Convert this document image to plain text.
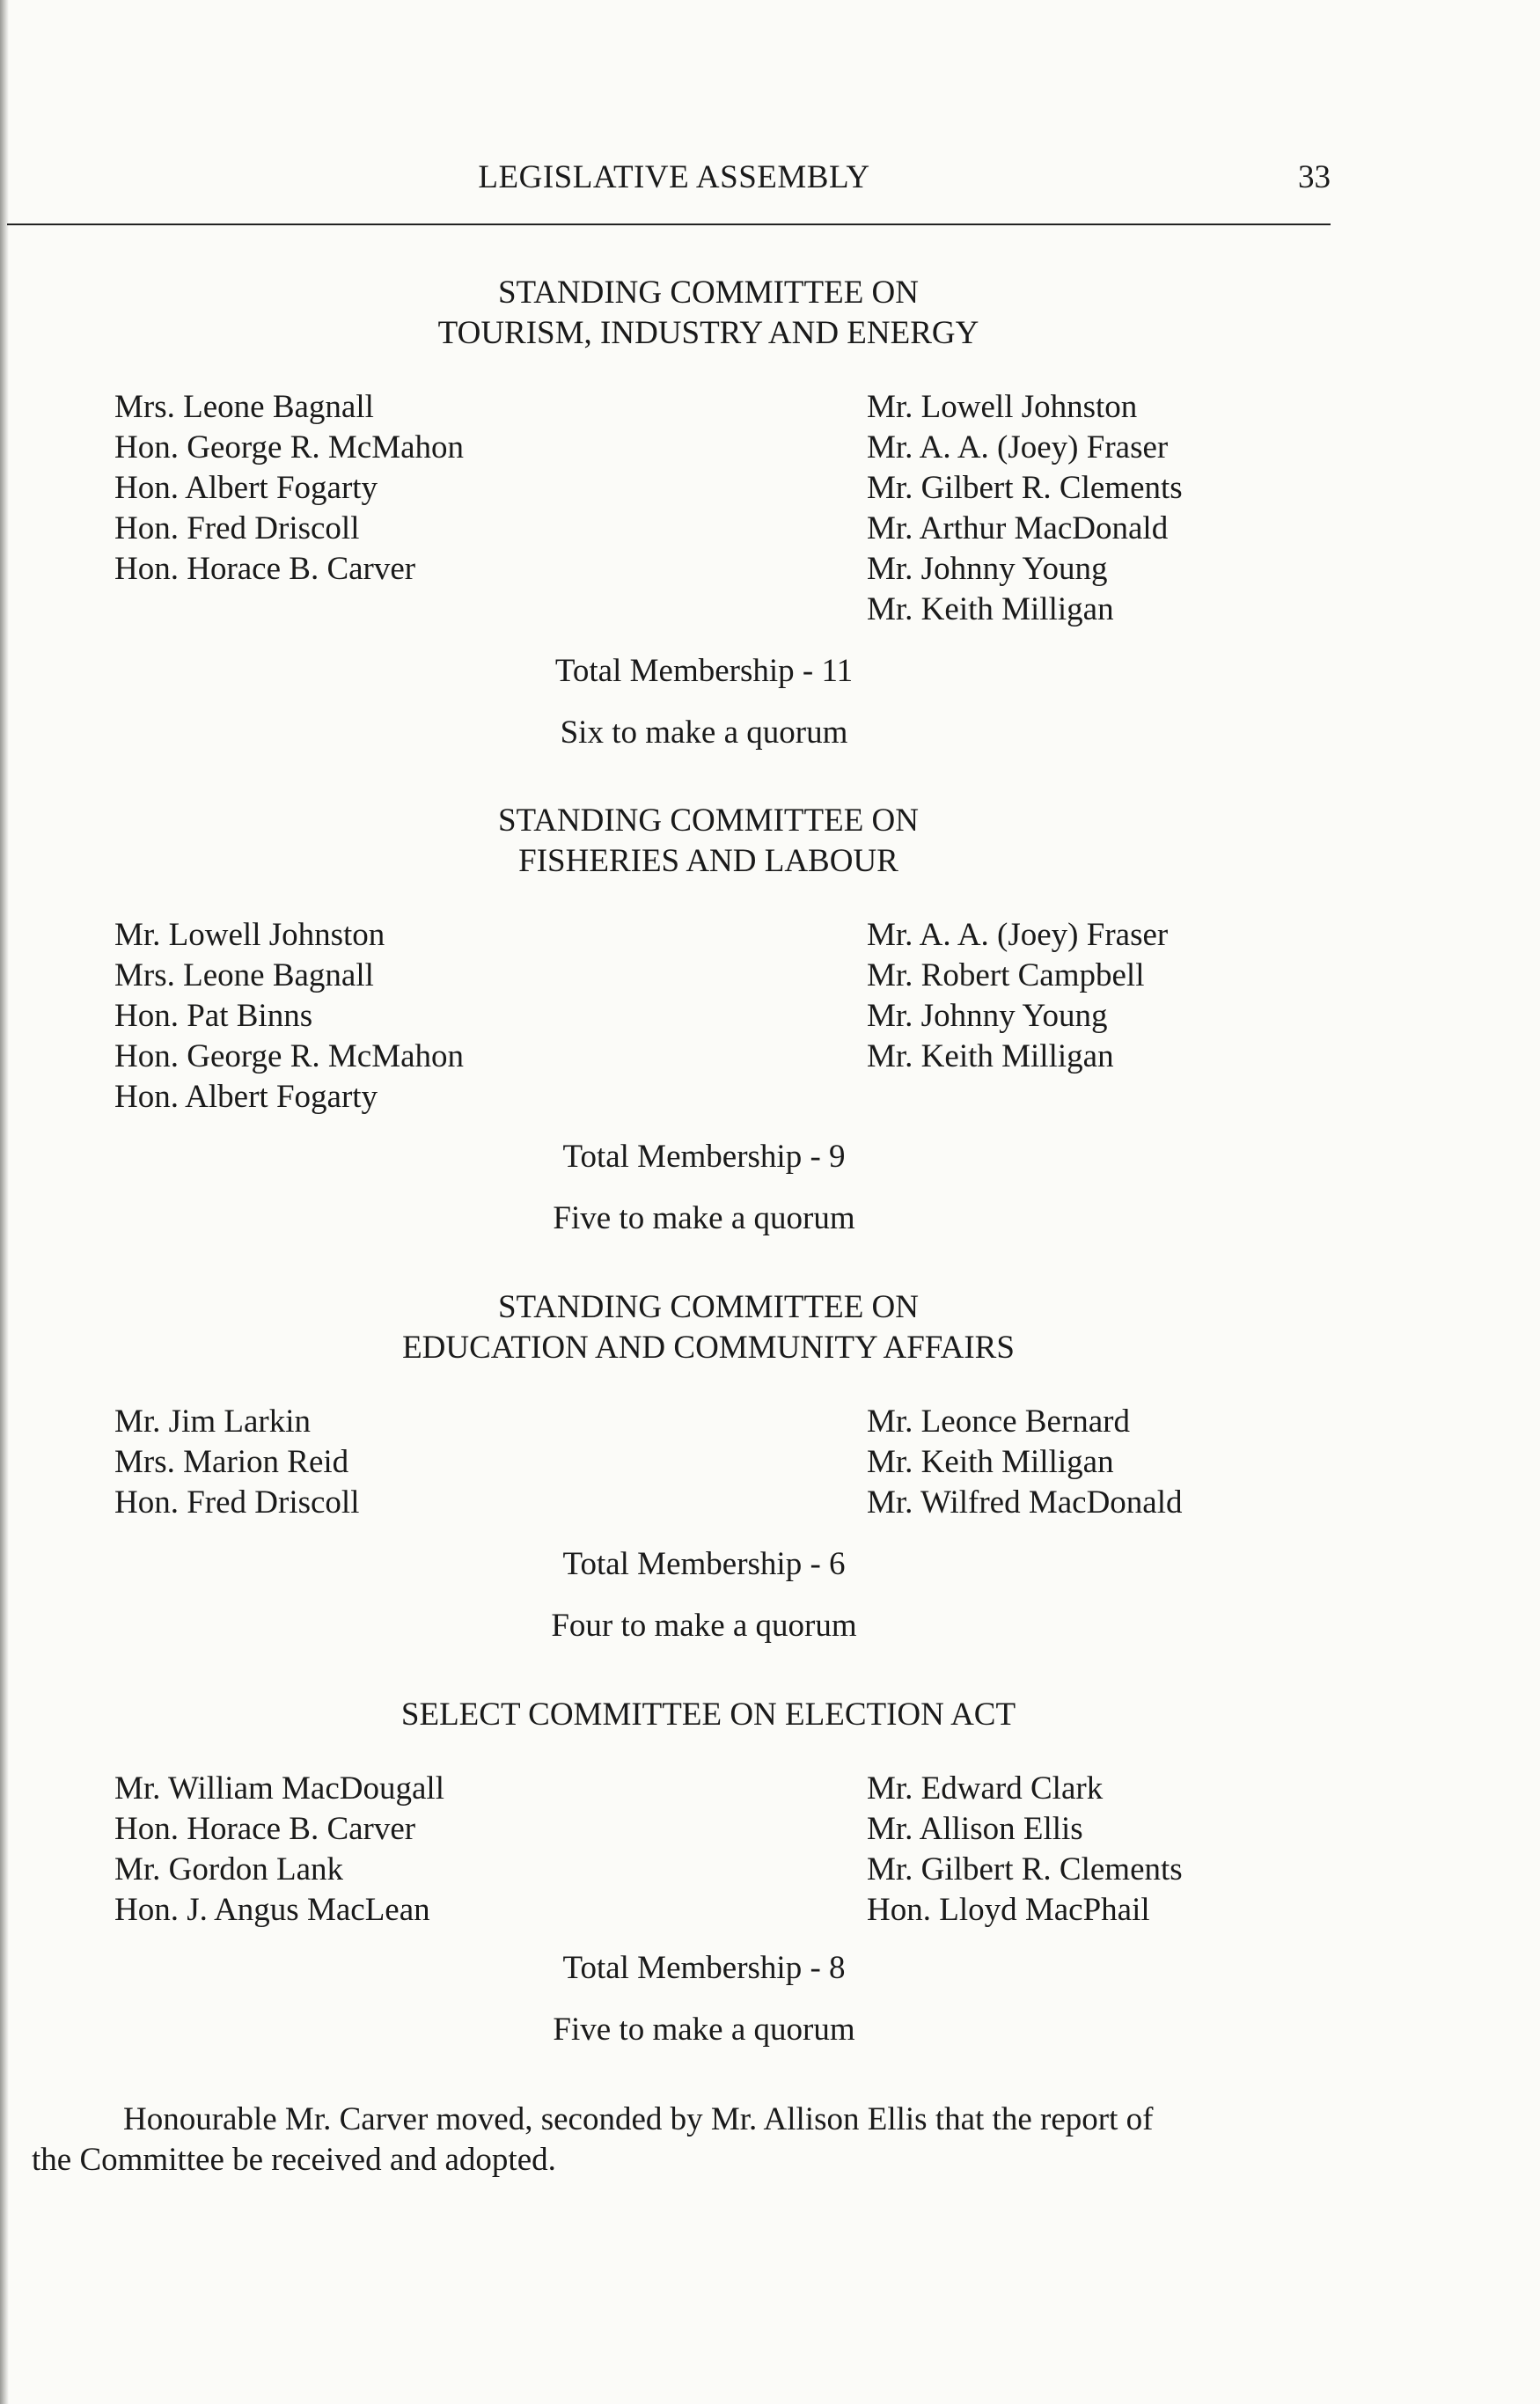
LEGISLATIVE ASSEMBLY	33
STANDING COMMITTEE ON
TOURISM, INDUSTRY AND ENERGY
Mrs. Leone Bagnall
Hon. George R. McMahon
Hon. Albert Fogarty
Hon. Fred Driscoll
Hon. Horace B. Carver
Mr. Lowell Johnston
Mr. A. A. (Joey) Fraser
Mr. Gilbert R. Clements
Mr. Arthur MacDonald
Mr. Johnny Young
Mr. Keith Milligan
Total Membership - 11
Six to make a quorum
STANDING COMMITTEE ON
FISHERIES AND LABOUR
Mr. Lowell Johnston
Mrs. Leone Bagnall
Hon. Pat Binns
Hon. George R. McMahon
Hon. Albert Fogarty
Mr. A. A. (Joey) Fraser
Mr. Robert Campbell
Mr. Johnny Young
Mr. Keith Milligan
Total Membership - 9
Five to make a quorum
STANDING COMMITTEE ON
EDUCATION AND COMMUNITY AFFAIRS
Mr. Jim Larkin
Mrs. Marion Reid
Hon. Fred Driscoll
Mr. Leonce Bernard
Mr. Keith Milligan
Mr. Wilfred MacDonald
Total Membership - 6
Four to make a quorum
SELECT COMMITTEE ON ELECTION ACT
Mr. William MacDougall
Hon. Horace B. Carver
Mr. Gordon Lank
Hon. J. Angus MacLean
Mr. Edward Clark
Mr. Allison Ellis
Mr. Gilbert R. Clements
Hon. Lloyd MacPhail
Total Membership - 8
Five to make a quorum
Honourable Mr. Carver moved, seconded by Mr. Allison Ellis that the report of
the Committee be received and adopted.
